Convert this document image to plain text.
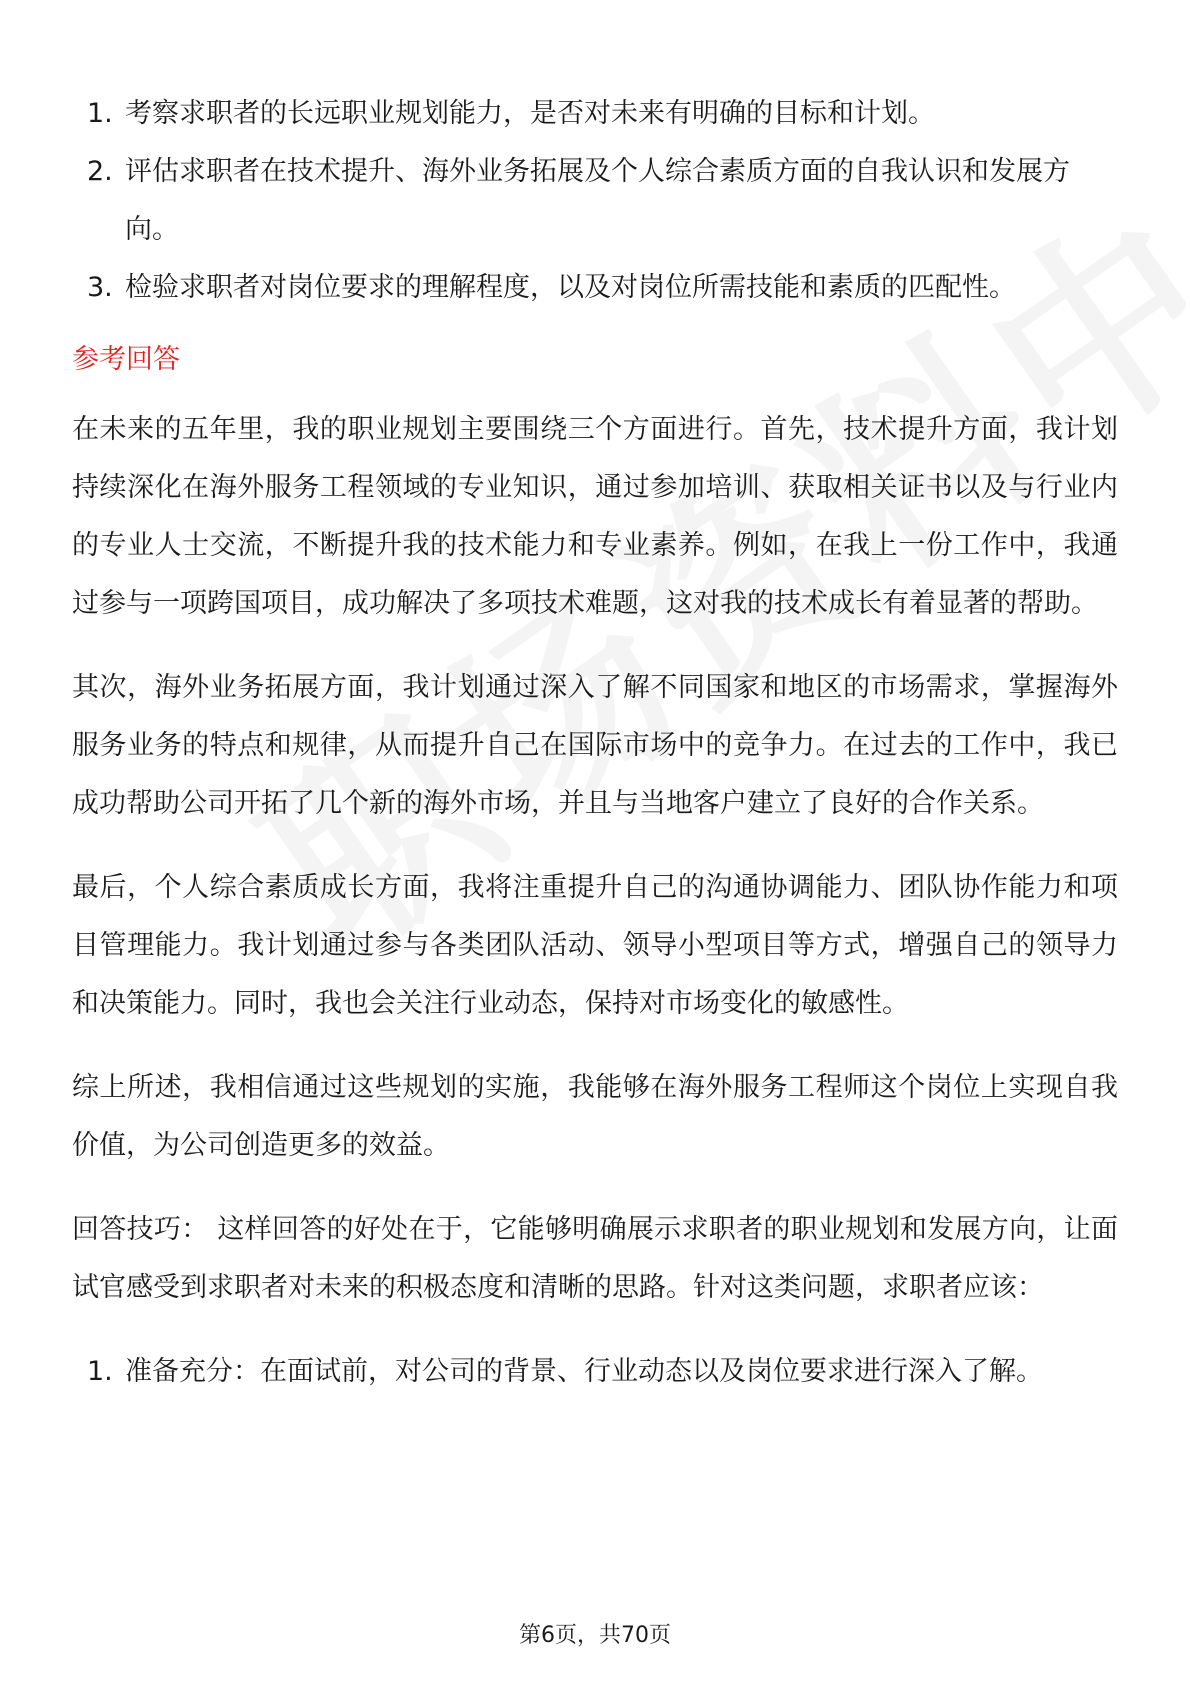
1. 考察求职者的长远职业规划能力，是否对未来有明确的目标和计划。
2. 评估求职者在技术提升、海外业务拓展及个人综合素质方面的自我认识和发展方向。
3. 检验求职者对岗位要求的理解程度，以及对岗位所需技能和素质的匹配性。
参考回答

在未来的五年里，我的职业规划主要围绕三个方面进行。首先，技术提升方面，我计划持续深化在海外服务工程领域的专业知识，通过参加培训、获取相关证书以及与行业内的专业人士交流，不断提升我的技术能力和专业素养。例如，在我上一份工作中，我通过参与一项跨国项目，成功解决了多项技术难题，这对我的技术成长有着显著的帮助。

其次，海外业务拓展方面，我计划通过深入了解不同国家和地区的市场需求，掌握海外服务业务的特点和规律，从而提升自己在国际市场中的竞争力。在过去的工作中，我已成功帮助公司开拓了几个新的海外市场，并且与当地客户建立了良好的合作关系。

最后，个人综合素质成长方面，我将注重提升自己的沟通协调能力、团队协作能力和项目管理能力。我计划通过参与各类团队活动、领导小型项目等方式，增强自己的领导力和决策能力。同时，我也会关注行业动态，保持对市场变化的敏感性。

综上所述，我相信通过这些规划的实施，我能够在海外服务工程师这个岗位上实现自我价值，为公司创造更多的效益。

回答技巧： 这样回答的好处在于，它能够明确展示求职者的职业规划和发展方向，让面试官感受到求职者对未来的积极态度和清晰的思路。针对这类问题，求职者应该：

1. 准备充分：在面试前，对公司的背景、行业动态以及岗位要求进行深入了解。
第6页，共70页
